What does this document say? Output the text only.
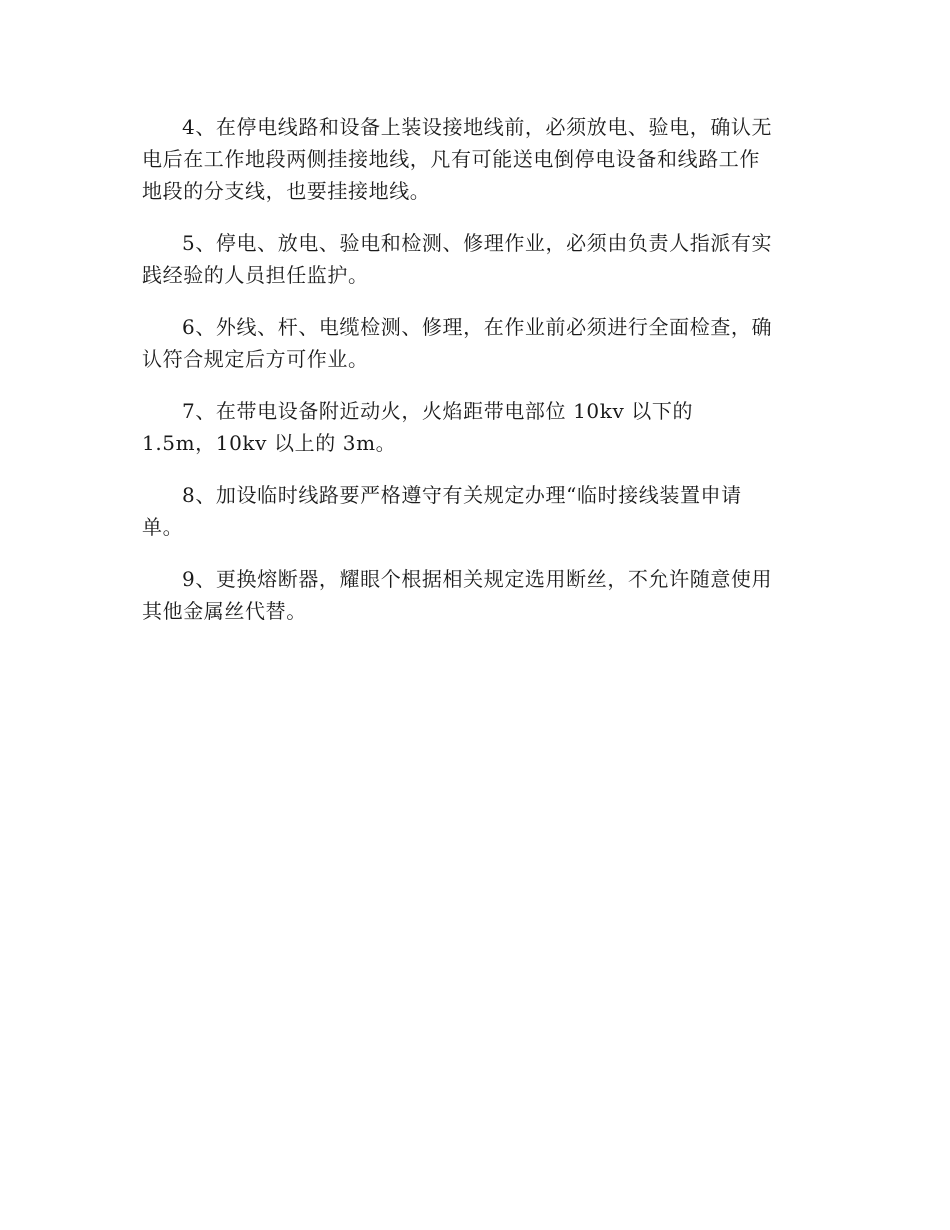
4、在停电线路和设备上装设接地线前，必须放电、验电，确认无
电后在工作地段两侧挂接地线，凡有可能送电倒停电设备和线路工作
地段的分支线，也要挂接地线。
5、停电、放电、验电和检测、修理作业，必须由负责人指派有实
践经验的人员担任监护。
6、外线、杆、电缆检测、修理，在作业前必须进行全面检查，确
认符合规定后方可作业。
7、在带电设备附近动火，火焰距带电部位 10kv 以下的
1.5m，10kv 以上的 3m。
8、加设临时线路要严格遵守有关规定办理“临时接线装置申请
单。
9、更换熔断器，耀眼个根据相关规定选用断丝，不允许随意使用
其他金属丝代替。
